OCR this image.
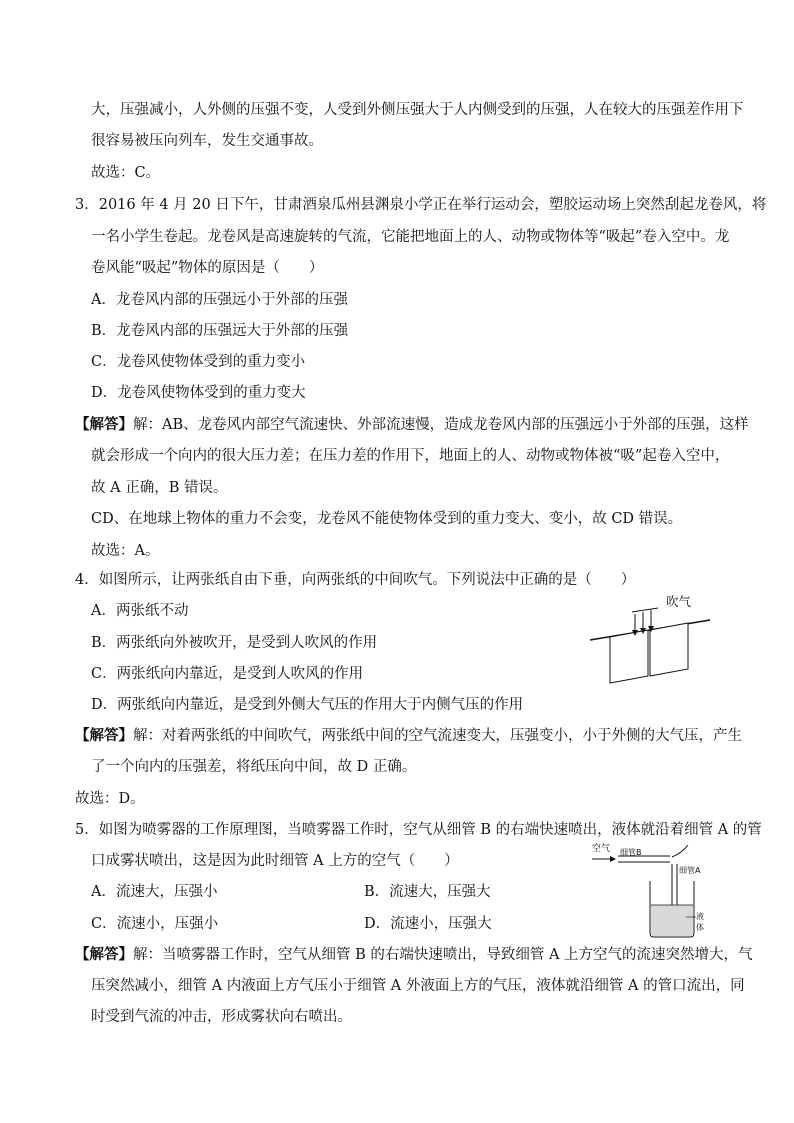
大，压强减小，人外侧的压强不变，人受到外侧压强大于人内侧受到的压强，人在较大的压强差作用下
很容易被压向列车，发生交通事故。
故选：C。
3．2016 年 4 月 20 日下午，甘肃酒泉瓜州县渊泉小学正在举行运动会，塑胶运动场上突然刮起龙卷风，将
一名小学生卷起。龙卷风是高速旋转的气流，它能把地面上的人、动物或物体等“吸起”卷入空中。龙
卷风能“吸起”物体的原因是（　　）
A．龙卷风内部的压强远小于外部的压强
B．龙卷风内部的压强远大于外部的压强
C．龙卷风使物体受到的重力变小
D．龙卷风使物体受到的重力变大
【解答】解：AB、龙卷风内部空气流速快、外部流速慢，造成龙卷风内部的压强远小于外部的压强，这样
就会形成一个向内的很大压力差；在压力差的作用下，地面上的人、动物或物体被“吸”起卷入空中，
故 A 正确，B 错误。
CD、在地球上物体的重力不会变，龙卷风不能使物体受到的重力变大、变小，故 CD 错误。
故选：A。
4．如图所示，让两张纸自由下垂，向两张纸的中间吹气。下列说法中正确的是（　　）
A．两张纸不动
B．两张纸向外被吹开，是受到人吹风的作用
C．两张纸向内靠近，是受到人吹风的作用
D．两张纸向内靠近，是受到外侧大气压的作用大于内侧气压的作用
吹气
【解答】解：对着两张纸的中间吹气，两张纸中间的空气流速变大，压强变小，小于外侧的大气压，产生
了一个向内的压强差，将纸压向中间，故 D 正确。
故选：D。
5．如图为喷雾器的工作原理图，当喷雾器工作时，空气从细管 B 的右端快速喷出，液体就沿着细管 A 的管
口成雾状喷出，这是因为此时细管 A 上方的空气（　　）
A．流速大，压强小	B．流速大，压强大
C．流速小，压强小	D．流速小，压强大
空气 细管B
细管A
液体
【解答】解：当喷雾器工作时，空气从细管 B 的右端快速喷出，导致细管 A 上方空气的流速突然增大，气
压突然减小，细管 A 内液面上方气压小于细管 A 外液面上方的气压，液体就沿细管 A 的管口流出，同
时受到气流的冲击，形成雾状向右喷出。
